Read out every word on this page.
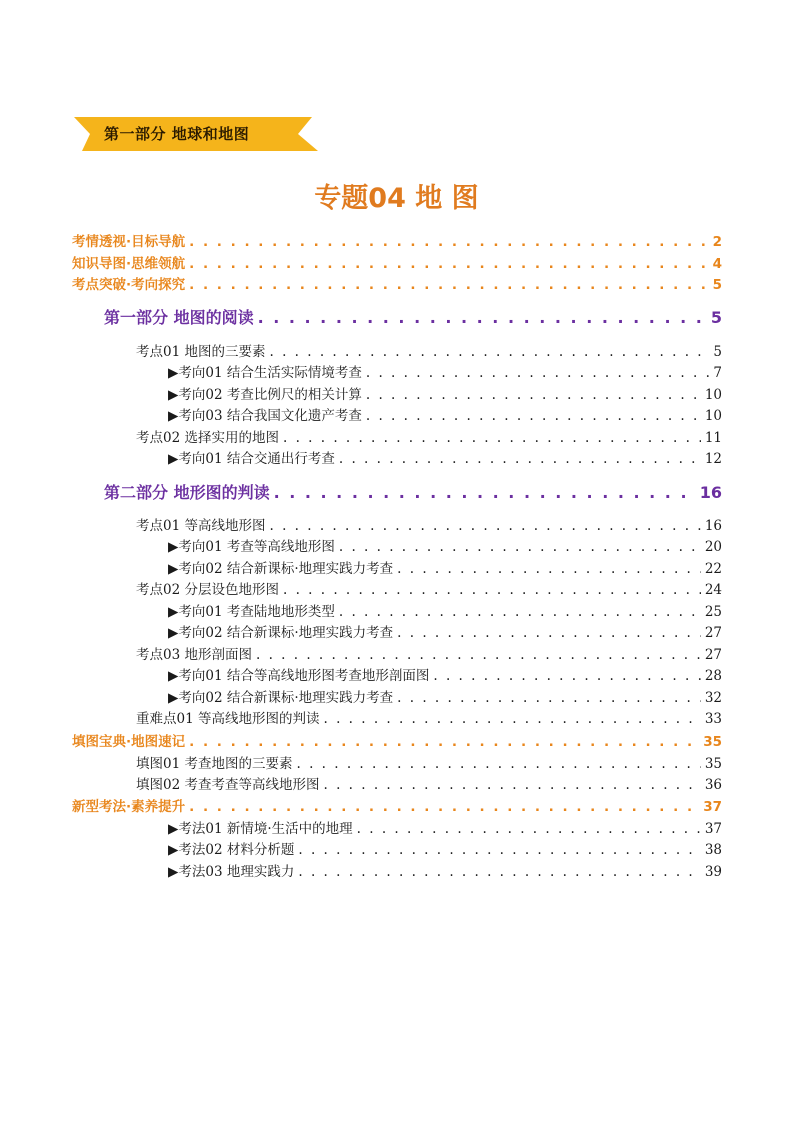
第一部分 地球和地图
专题04 地 图
考情透视·目标导航 . . .	2
知识导图·思维领航 . . .	4
考点突破·考向探究 . . .	5
第一部分 地图的阅读 . . .	5
考点01 地图的三要素 . . .	5
▶考向01 结合生活实际情境考查 . . .	7
▶考向02 考查比例尺的相关计算 . . .	10
▶考向03 结合我国文化遗产考查 . . .	10
考点02 选择实用的地图 . . .	11
▶考向01 结合交通出行考查 . . .	12
第二部分 地形图的判读 . . .	16
考点01 等高线地形图 . . .	16
▶考向01 考查等高线地形图 . . .	20
▶考向02 结合新课标·地理实践力考查 . . .	22
考点02 分层设色地形图 . . .	24
▶考向01 考查陆地地形类型 . . .	25
▶考向02 结合新课标·地理实践力考查 . . .	27
考点03 地形剖面图 . . .	27
▶考向01 结合等高线地形图考查地形剖面图 . . .	28
▶考向02 结合新课标·地理实践力考查 . . .	32
重难点01 等高线地形图的判读 . . .	33
填图宝典·地图速记 . . .	35
填图01 考查地图的三要素 . . .	35
填图02 考查考查等高线地形图 . . .	36
新型考法·素养提升 . . .	37
▶考法01 新情境·生活中的地理 . . .	37
▶考法02 材料分析题 . . .	38
▶考法03 地理实践力 . . .	39
